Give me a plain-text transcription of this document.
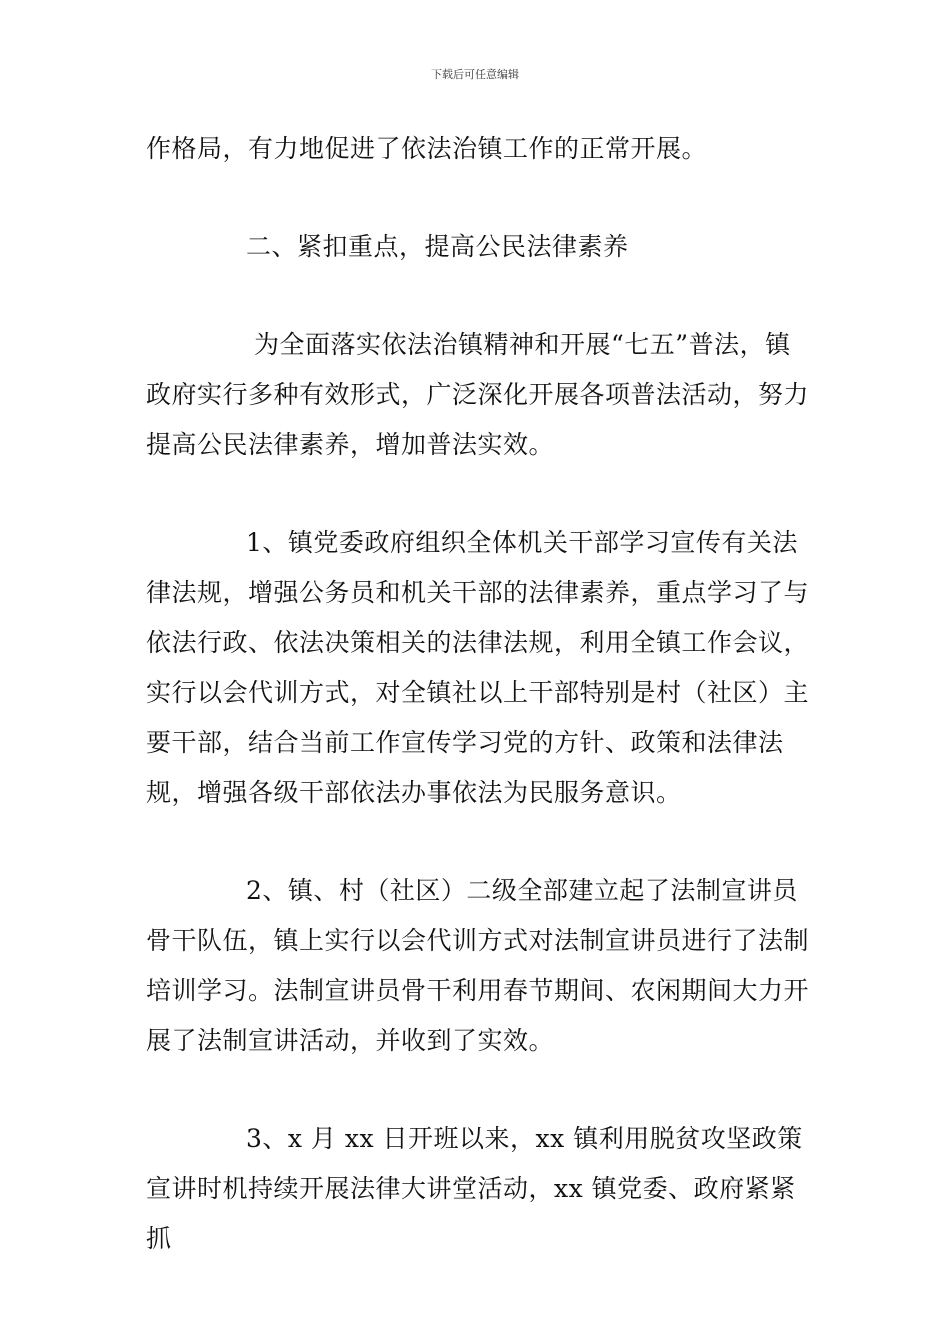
下载后可任意编辑

作格局，有力地促进了依法治镇工作的正常开展。

二、紧扣重点，提高公民法律素养

为全面落实依法治镇精神和开展“七五”普法，镇政府实行多种有效形式，广泛深化开展各项普法活动，努力提高公民法律素养，增加普法实效。

1、镇党委政府组织全体机关干部学习宣传有关法律法规，增强公务员和机关干部的法律素养，重点学习了与依法行政、依法决策相关的法律法规，利用全镇工作会议，实行以会代训方式，对全镇社以上干部特别是村（社区）主要干部，结合当前工作宣传学习党的方针、政策和法律法规，增强各级干部依法办事依法为民服务意识。

2、镇、村（社区）二级全部建立起了法制宣讲员骨干队伍，镇上实行以会代训方式对法制宣讲员进行了法制培训学习。法制宣讲员骨干利用春节期间、农闲期间大力开展了法制宣讲活动，并收到了实效。

3、x 月 xx 日开班以来，xx 镇利用脱贫攻坚政策宣讲时机持续开展法律大讲堂活动，xx 镇党委、政府紧紧抓
